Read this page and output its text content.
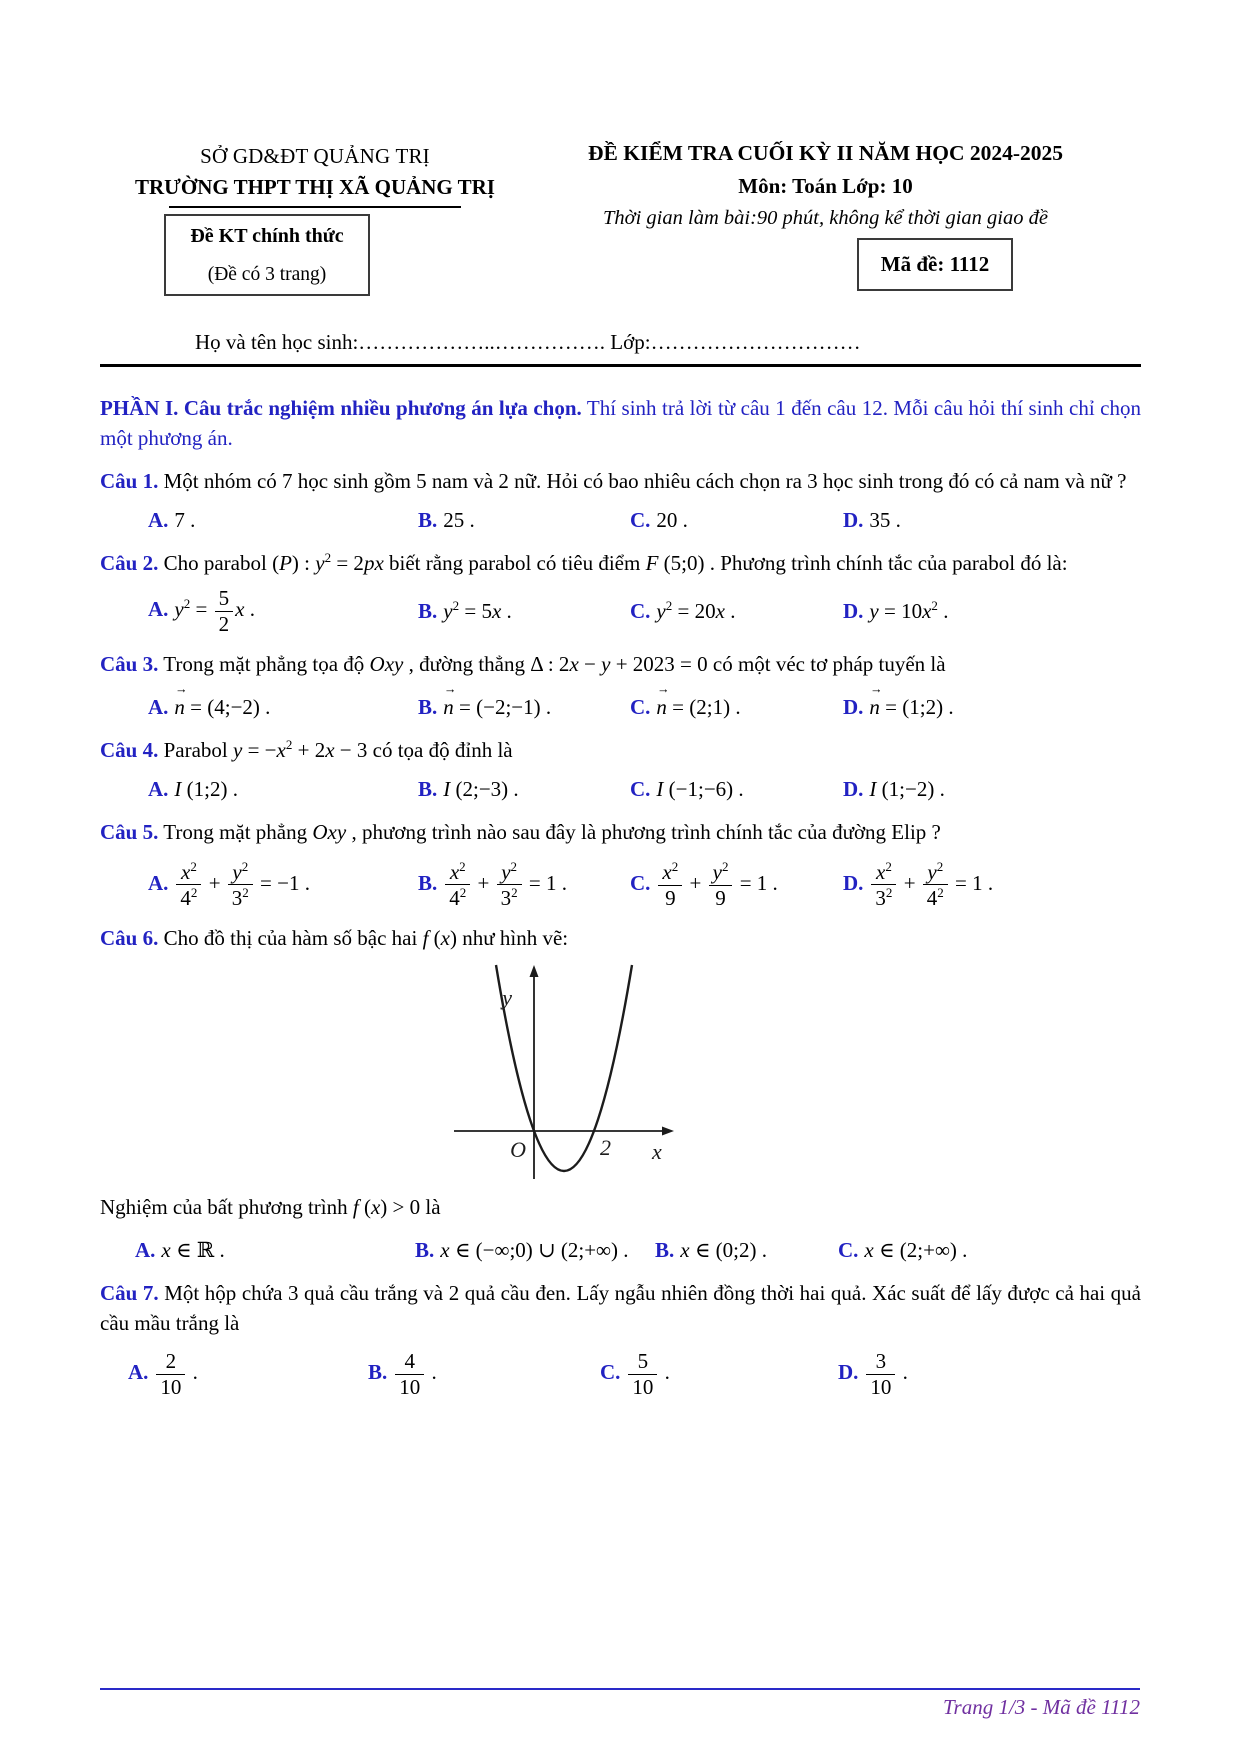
SỞ GD&ĐT QUẢNG TRỊ
TRƯỜNG THPT THỊ XÃ QUẢNG TRỊ
ĐỀ KIỂM TRA CUỐI KỲ II NĂM HỌC 2024-2025
Môn: Toán Lớp: 10
Thời gian làm bài:90 phút, không kể thời gian giao đề
Đề KT chính thức
(Đề có 3 trang)	Mã đề: 1112
Họ và tên học sinh:………………..……………. Lớp:…………………………

PHẦN I. Câu trắc nghiệm nhiều phương án lựa chọn. Thí sinh trả lời từ câu 1 đến câu 12. Mỗi câu hỏi thí sinh chỉ chọn một phương án.

Câu 1. Một nhóm có 7 học sinh gồm 5 nam và 2 nữ. Hỏi có bao nhiêu cách chọn ra 3 học sinh trong đó có cả nam và nữ ?

A. 7 .	B. 25 .	C. 20 .	D. 35 .

Câu 2. Cho parabol (P) : $y^2 = 2px$ biết rằng parabol có tiêu điểm F (5;0) . Phương trình chính tắc của parabol đó là:

A. $y^2 = \frac{5}{2}$ x .	B. $y^2 = 5x$ .	C. $y^2 = 20x$ .	D. $y = 10x^2$ .

Câu 3. Trong mặt phẳng tọa độ Oxy , đường thẳng Δ : 2x − y + 2023 = 0 có một véc tơ pháp tuyến là

A. → n = (4;−2) .	B. → n = (−2;−1) .	C. → n = (2;1) .	D. → n = (1;2) .

Câu 4. Parabol $y = -x^2 + 2x - 3$ có tọa độ đỉnh là

A. I (1;2) .	B. I (2;−3) .	C. I (−1;−6) .	D. I (1;−2) .

Câu 5. Trong mặt phẳng Oxy , phương trình nào sau đây là phương trình chính tắc của đường Elip ?

A. $\frac{x^2}{4^2} + \frac{y^2}{3^2} = -1$ .	B. $\frac{x^2}{4^2} + \frac{y^2}{3^2} = 1$ .	C. $\frac{x^2}{9} + \frac{y^2}{9} = 1$ .	D. $\frac{x^2}{3^2} + \frac{y^2}{4^2} = 1$ .

Câu 6. Cho đồ thị của hàm số bậc hai f (x) như hình vẽ:

y
O	2 x

Nghiệm của bất phương trình f (x) > 0 là

A. x ∈ ℝ .	B. x ∈ (−∞;0) ∪ (2;+∞) .	B. x ∈ (0;2) .	C. x ∈ (2;+∞) .

Câu 7. Một hộp chứa 3 quả cầu trắng và 2 quả cầu đen. Lấy ngẫu nhiên đồng thời hai quả. Xác suất để lấy được cả hai quả cầu mầu trắng là

A. $\frac{2}{10}$ .	B. $\frac{4}{10}$ .	C. $\frac{5}{10}$ .	D. $\frac{3}{10}$ .
Trang 1/3 - Mã đề 1112
